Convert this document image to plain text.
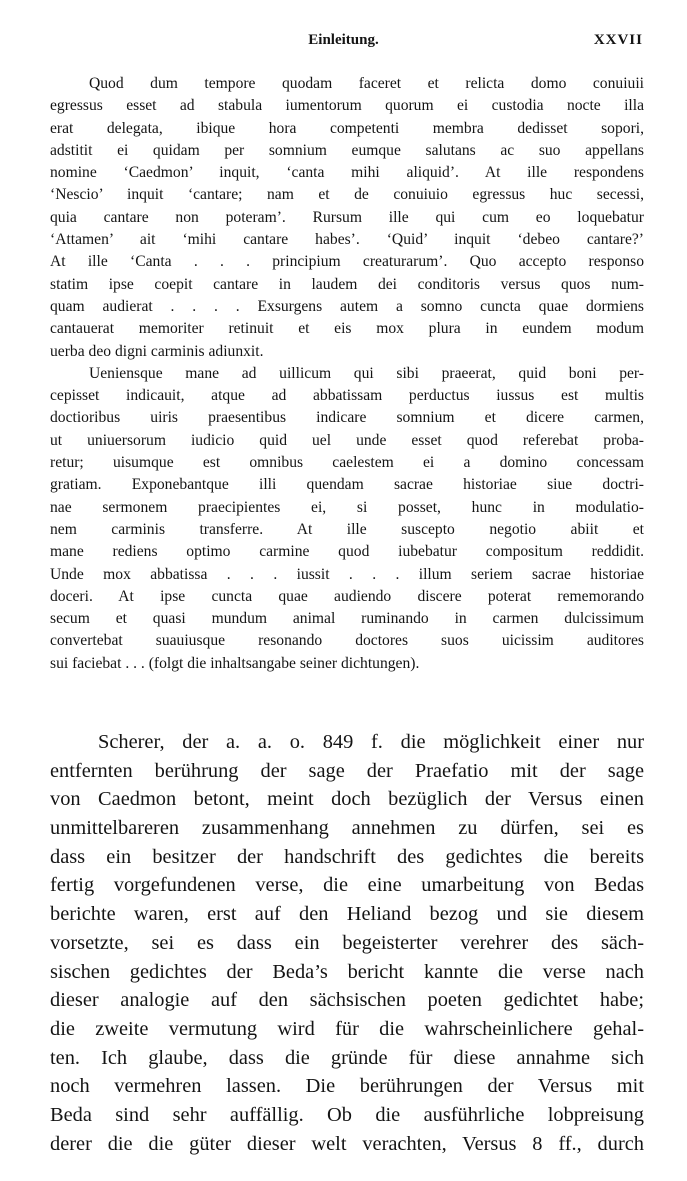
Einleitung.	XXVII
Quod dum tempore quodam faceret et relicta domo conuiuii
egressus esset ad stabula iumentorum quorum ei custodia nocte illa
erat delegata, ibique hora competenti membra dedisset sopori,
adstitit ei quidam per somnium eumque salutans ac suo appellans
nomine ‘Caedmon’ inquit, ‘canta mihi aliquid’. At ille respondens
‘Nescio’ inquit ‘cantare; nam et de conuiuio egressus huc secessi,
quia cantare non poteram’. Rursum ille qui cum eo loquebatur
‘Attamen’ ait ‘mihi cantare habes’. ‘Quid’ inquit ‘debeo cantare?’
At ille ‘Canta . . . principium creaturarum’. Quo accepto responso
statim ipse coepit cantare in laudem dei conditoris versus quos num-
quam audierat . . . . Exsurgens autem a somno cuncta quae dormiens
cantauerat memoriter retinuit et eis mox plura in eundem modum
uerba deo digni carminis adiunxit.
Ueniensque mane ad uillicum qui sibi praeerat, quid boni per-
cepisset indicauit, atque ad abbatissam perductus iussus est multis
doctioribus uiris praesentibus indicare somnium et dicere carmen,
ut uniuersorum iudicio quid uel unde esset quod referebat proba-
retur; uisumque est omnibus caelestem ei a domino concessam
gratiam. Exponebantque illi quendam sacrae historiae siue doctri-
nae sermonem praecipientes ei, si posset, hunc in modulatio-
nem carminis transferre. At ille suscepto negotio abiit et
mane rediens optimo carmine quod iubebatur compositum reddidit.
Unde mox abbatissa . . . iussit . . . illum seriem sacrae historiae
doceri. At ipse cuncta quae audiendo discere poterat rememorando
secum et quasi mundum animal ruminando in carmen dulcissimum
convertebat suauiusque resonando doctores suos uicissim auditores
sui faciebat . . . (folgt die inhaltsangabe seiner dichtungen).
Scherer, der a. a. o. 849 f. die möglichkeit einer nur
entfernten berührung der sage der Praefatio mit der sage
von Caedmon betont, meint doch bezüglich der Versus einen
unmittelbareren zusammenhang annehmen zu dürfen, sei es
dass ein besitzer der handschrift des gedichtes die bereits
fertig vorgefundenen verse, die eine umarbeitung von Bedas
berichte waren, erst auf den Heliand bezog und sie diesem
vorsetzte, sei es dass ein begeisterter verehrer des säch-
sischen gedichtes der Beda’s bericht kannte die verse nach
dieser analogie auf den sächsischen poeten gedichtet habe;
die zweite vermutung wird für die wahrscheinlichere gehal-
ten. Ich glaube, dass die gründe für diese annahme sich
noch vermehren lassen. Die berührungen der Versus mit
Beda sind sehr auffällig. Ob die ausführliche lobpreisung
derer die die güter dieser welt verachten, Versus 8 ff., durch
